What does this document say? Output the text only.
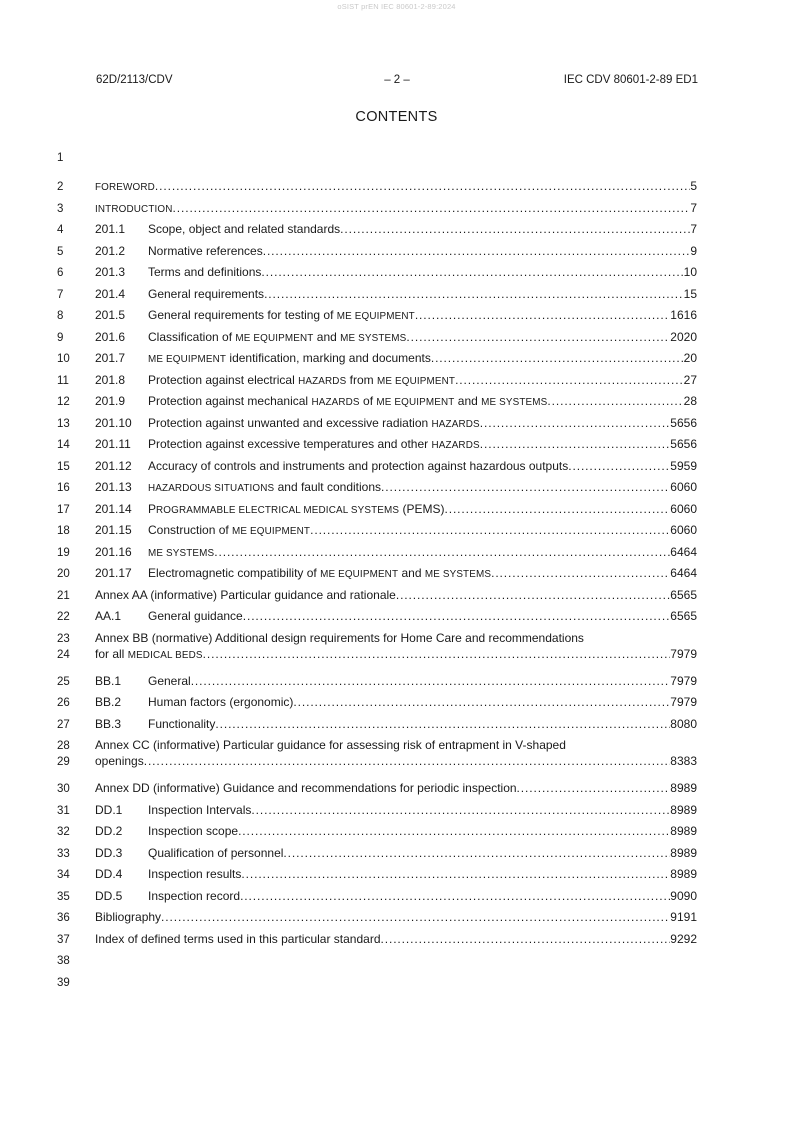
oSIST prEN IEC 80601-2-89:2024
62D/2113/CDV	– 2 –	IEC CDV 80601-2-89 ED1
CONTENTS
1
2	FOREWORD .....	5
3	INTRODUCTION .....	7
4	201.1	Scope, object and related standards .....	7
5	201.2	Normative references .....	9
6	201.3	Terms and definitions .....	10
7	201.4	General requirements .....	15
8	201.5	General requirements for testing of ME EQUIPMENT .....	1616
9	201.6	Classification of ME EQUIPMENT and ME SYSTEMS .....	2020
10	201.7	ME EQUIPMENT identification, marking and documents .....	20
11	201.8	Protection against electrical HAZARDS from ME EQUIPMENT .....	27
12	201.9	Protection against mechanical HAZARDS of ME EQUIPMENT and ME SYSTEMS .....	28
13	201.10	Protection against unwanted and excessive radiation HAZARDS .....	5656
14	201.11	Protection against excessive temperatures and other HAZARDS .....	5656
15	201.12	Accuracy of controls and instruments and protection against hazardous outputs .....	5959
16	201.13	HAZARDOUS SITUATIONS and fault conditions .....	6060
17	201.14	PROGRAMMABLE ELECTRICAL MEDICAL SYSTEMS (PEMS) .....	6060
18	201.15	Construction of ME EQUIPMENT .....	6060
19	201.16	ME SYSTEMS .....	6464
20	201.17	Electromagnetic compatibility of ME EQUIPMENT and ME SYSTEMS .....	6464
21	Annex AA (informative) Particular guidance and rationale .....	6565
22	AA.1	General guidance .....	6565
23	Annex BB (normative) Additional design requirements for Home Care and recommendations
24	for all MEDICAL BEDS .....	7979
25	BB.1	General .....	7979
26	BB.2	Human factors (ergonomic) .....	7979
27	BB.3	Functionality .....	8080
28	Annex CC (informative) Particular guidance for assessing risk of entrapment in V-shaped
29	openings .....	8383
30	Annex DD (informative) Guidance and recommendations for periodic inspection .....	8989
31	DD.1	Inspection Intervals .....	8989
32	DD.2	Inspection scope .....	8989
33	DD.3	Qualification of personnel .....	8989
34	DD.4	Inspection results .....	8989
35	DD.5	Inspection record .....	9090
36	Bibliography .....	9191
37	Index of defined terms used in this particular standard .....	9292
38
39
